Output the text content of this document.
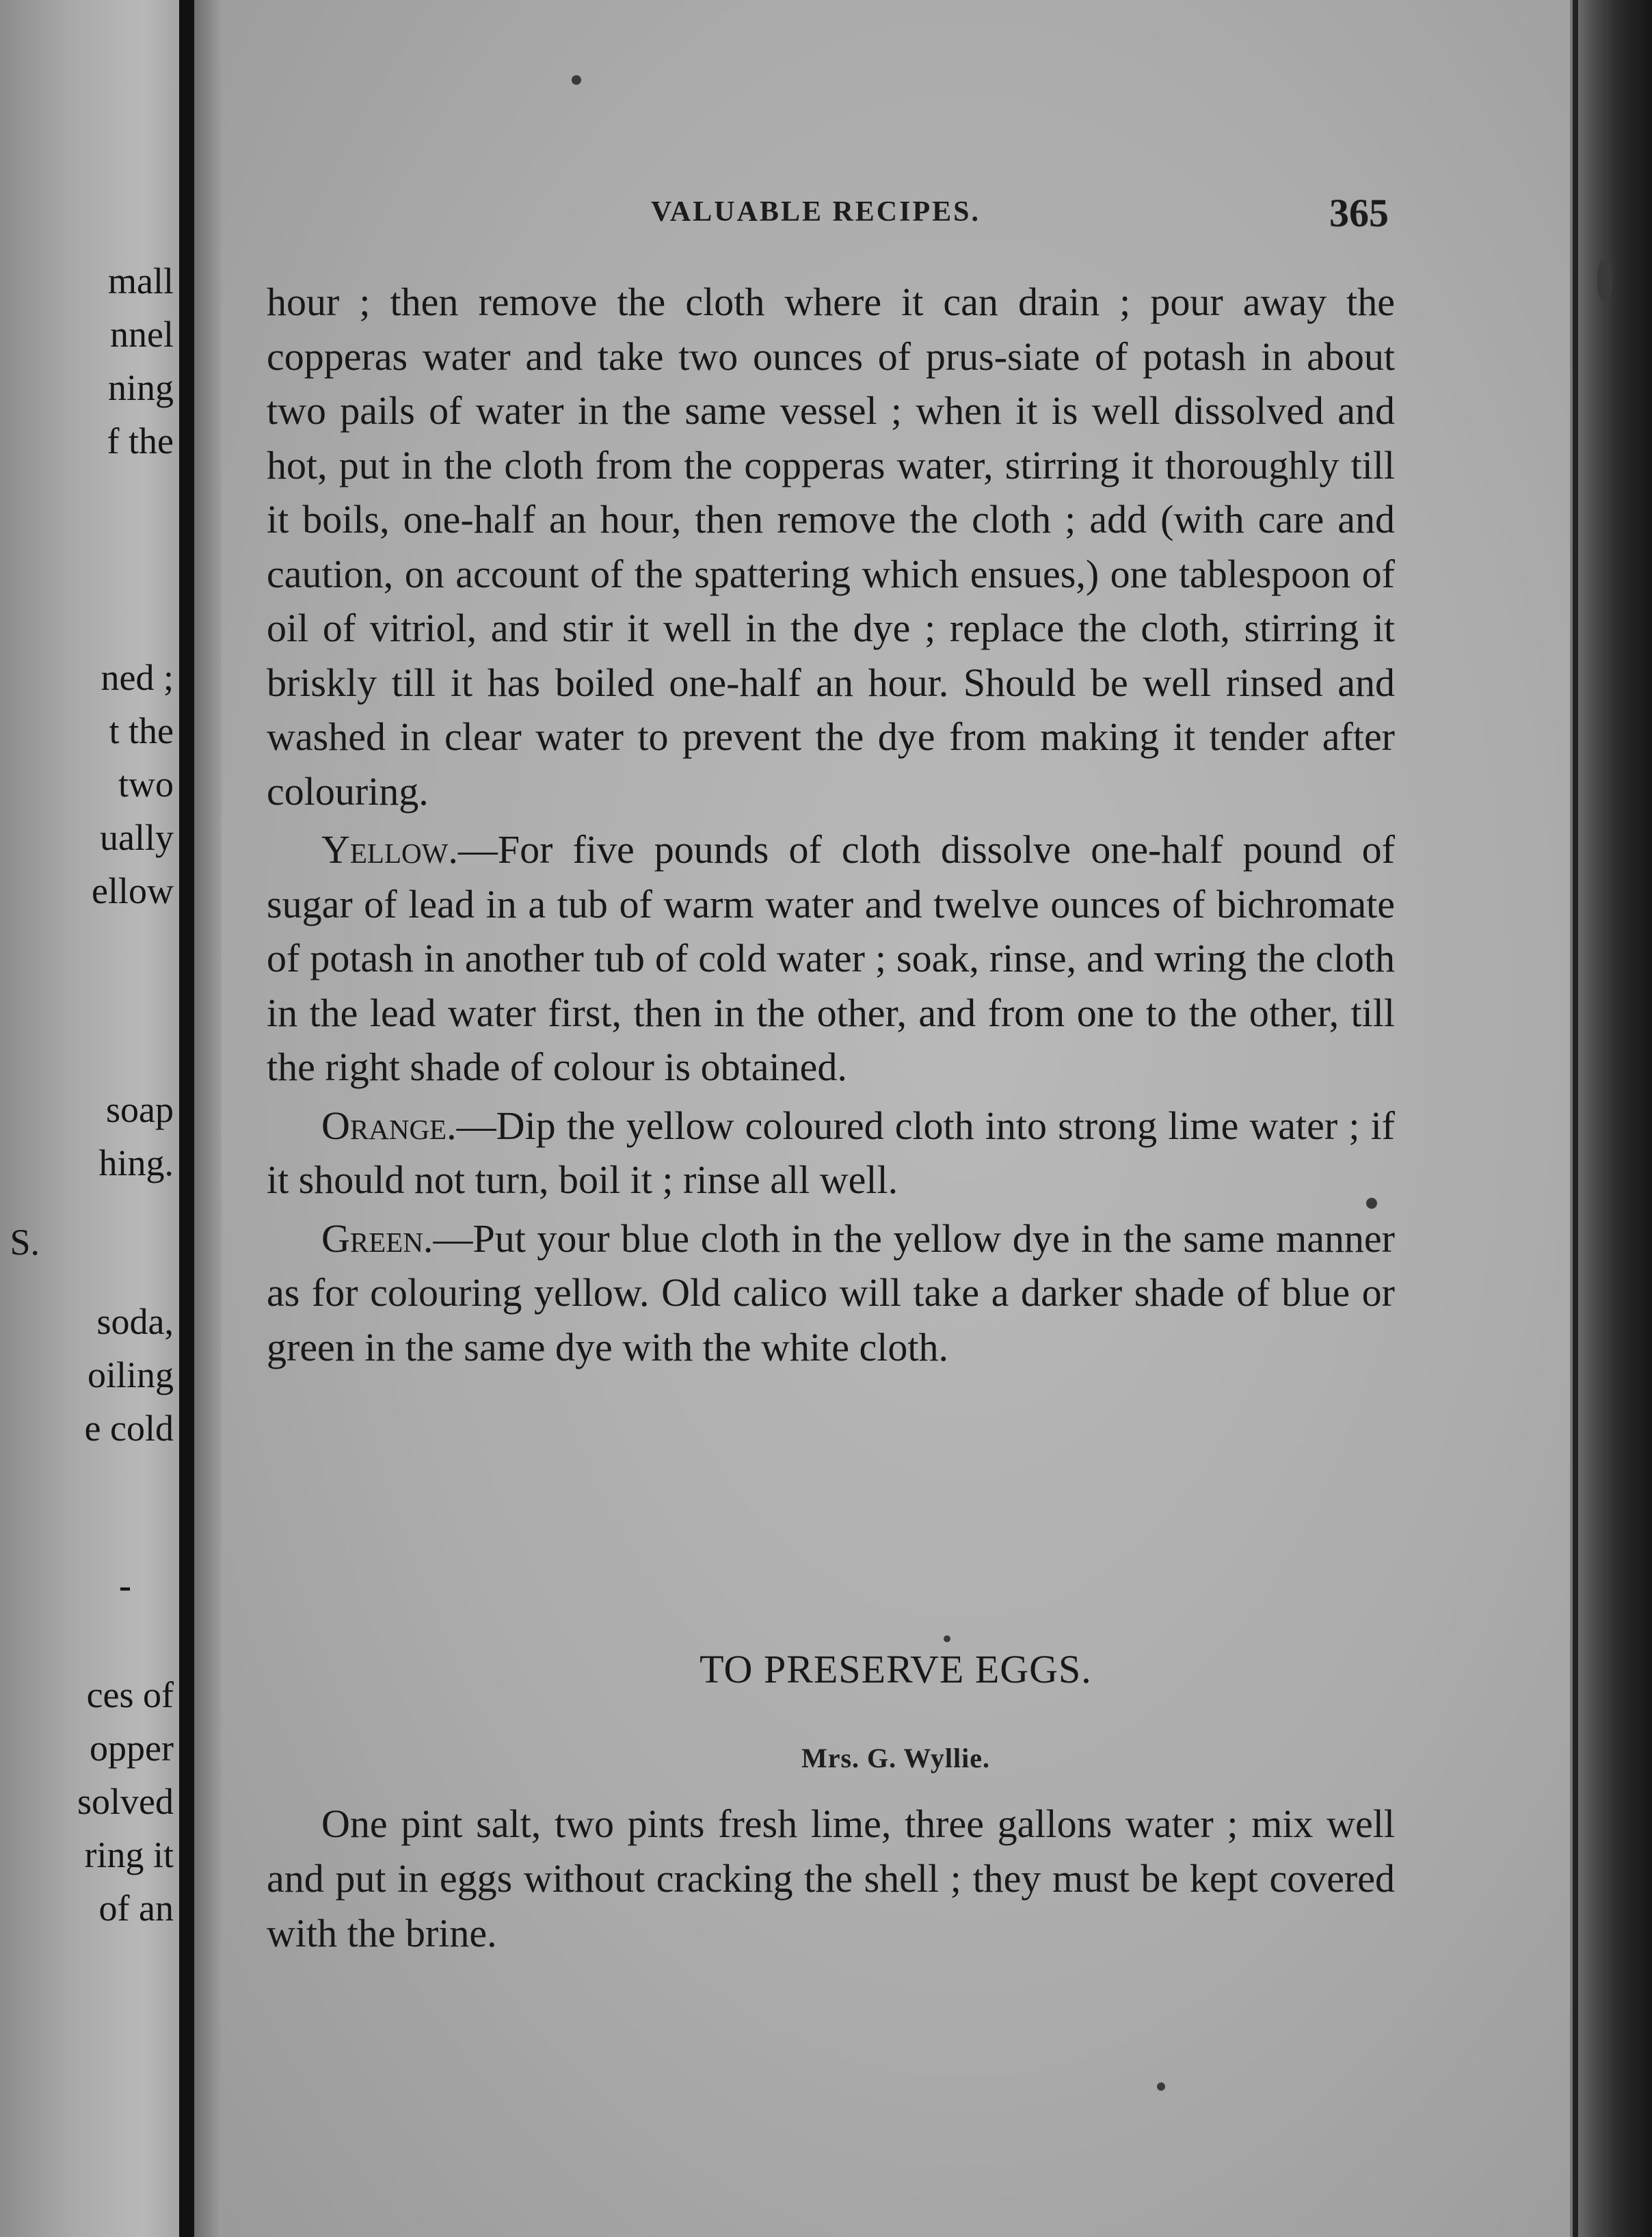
mall
nnel
ning
f the
ned ;
t the
two
ually
ellow
soap
hing.
S.
soda,
oiling
e cold
-
ces of
opper
solved
ring it
of an
VALUABLE RECIPES.	365

hour ; then remove the cloth where it can drain ; pour away the copperas water and take two ounces of prus-siate of potash in about two pails of water in the same vessel ; when it is well dissolved and hot, put in the cloth from the copperas water, stirring it thoroughly till it boils, one-half an hour, then remove the cloth ; add (with care and caution, on account of the spattering which ensues,) one tablespoon of oil of vitriol, and stir it well in the dye ; replace the cloth, stirring it briskly till it has boiled one-half an hour. Should be well rinsed and washed in clear water to prevent the dye from making it tender after colouring.

Yellow.—For five pounds of cloth dissolve one-half pound of sugar of lead in a tub of warm water and twelve ounces of bichromate of potash in another tub of cold water ; soak, rinse, and wring the cloth in the lead water first, then in the other, and from one to the other, till the right shade of colour is obtained.

Orange.—Dip the yellow coloured cloth into strong lime water ; if it should not turn, boil it ; rinse all well.

Green.—Put your blue cloth in the yellow dye in the same manner as for colouring yellow. Old calico will take a darker shade of blue or green in the same dye with the white cloth.

TO PRESERVE EGGS.
Mrs. G. Wyllie.

One pint salt, two pints fresh lime, three gallons water ; mix well and put in eggs without cracking the shell ; they must be kept covered with the brine.
